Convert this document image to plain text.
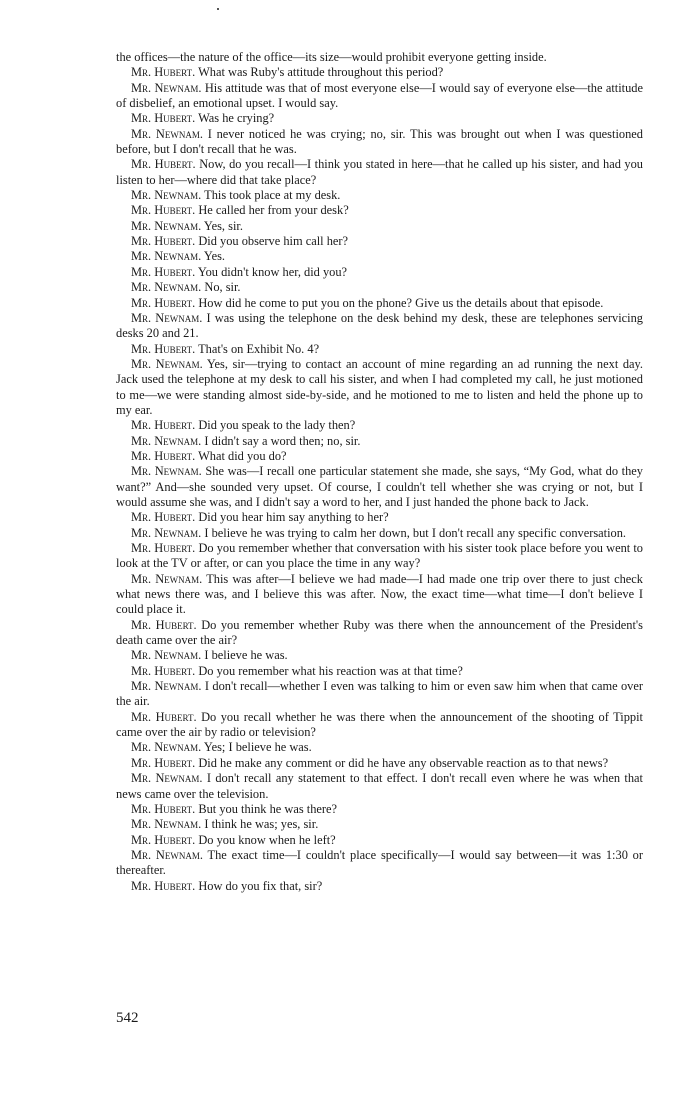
the offices—the nature of the office—its size—would prohibit everyone getting inside.

Mr. Hubert. What was Ruby's attitude throughout this period?

Mr. Newnam. His attitude was that of most everyone else—I would say of everyone else—the attitude of disbelief, an emotional upset. I would say.

Mr. Hubert. Was he crying?

Mr. Newnam. I never noticed he was crying; no, sir. This was brought out when I was questioned before, but I don't recall that he was.

Mr. Hubert. Now, do you recall—I think you stated in here—that he called up his sister, and had you listen to her—where did that take place?

Mr. Newnam. This took place at my desk.

Mr. Hubert. He called her from your desk?

Mr. Newnam. Yes, sir.

Mr. Hubert. Did you observe him call her?

Mr. Newnam. Yes.

Mr. Hubert. You didn't know her, did you?

Mr. Newnam. No, sir.

Mr. Hubert. How did he come to put you on the phone? Give us the details about that episode.

Mr. Newnam. I was using the telephone on the desk behind my desk, these are telephones servicing desks 20 and 21.

Mr. Hubert. That's on Exhibit No. 4?

Mr. Newnam. Yes, sir—trying to contact an account of mine regarding an ad running the next day. Jack used the telephone at my desk to call his sister, and when I had completed my call, he just motioned to me—we were standing almost side-by-side, and he motioned to me to listen and held the phone up to my ear.

Mr. Hubert. Did you speak to the lady then?

Mr. Newnam. I didn't say a word then; no, sir.

Mr. Hubert. What did you do?

Mr. Newnam. She was—I recall one particular statement she made, she says, “My God, what do they want?” And—she sounded very upset. Of course, I couldn't tell whether she was crying or not, but I would assume she was, and I didn't say a word to her, and I just handed the phone back to Jack.

Mr. Hubert. Did you hear him say anything to her?

Mr. Newnam. I believe he was trying to calm her down, but I don't recall any specific conversation.

Mr. Hubert. Do you remember whether that conversation with his sister took place before you went to look at the TV or after, or can you place the time in any way?

Mr. Newnam. This was after—I believe we had made—I had made one trip over there to just check what news there was, and I believe this was after. Now, the exact time—what time—I don't believe I could place it.

Mr. Hubert. Do you remember whether Ruby was there when the announcement of the President's death came over the air?

Mr. Newnam. I believe he was.

Mr. Hubert. Do you remember what his reaction was at that time?

Mr. Newnam. I don't recall—whether I even was talking to him or even saw him when that came over the air.

Mr. Hubert. Do you recall whether he was there when the announcement of the shooting of Tippit came over the air by radio or television?

Mr. Newnam. Yes; I believe he was.

Mr. Hubert. Did he make any comment or did he have any observable reaction as to that news?

Mr. Newnam. I don't recall any statement to that effect. I don't recall even where he was when that news came over the television.

Mr. Hubert. But you think he was there?

Mr. Newnam. I think he was; yes, sir.

Mr. Hubert. Do you know when he left?

Mr. Newnam. The exact time—I couldn't place specifically—I would say between—it was 1:30 or thereafter.

Mr. Hubert. How do you fix that, sir?

542
